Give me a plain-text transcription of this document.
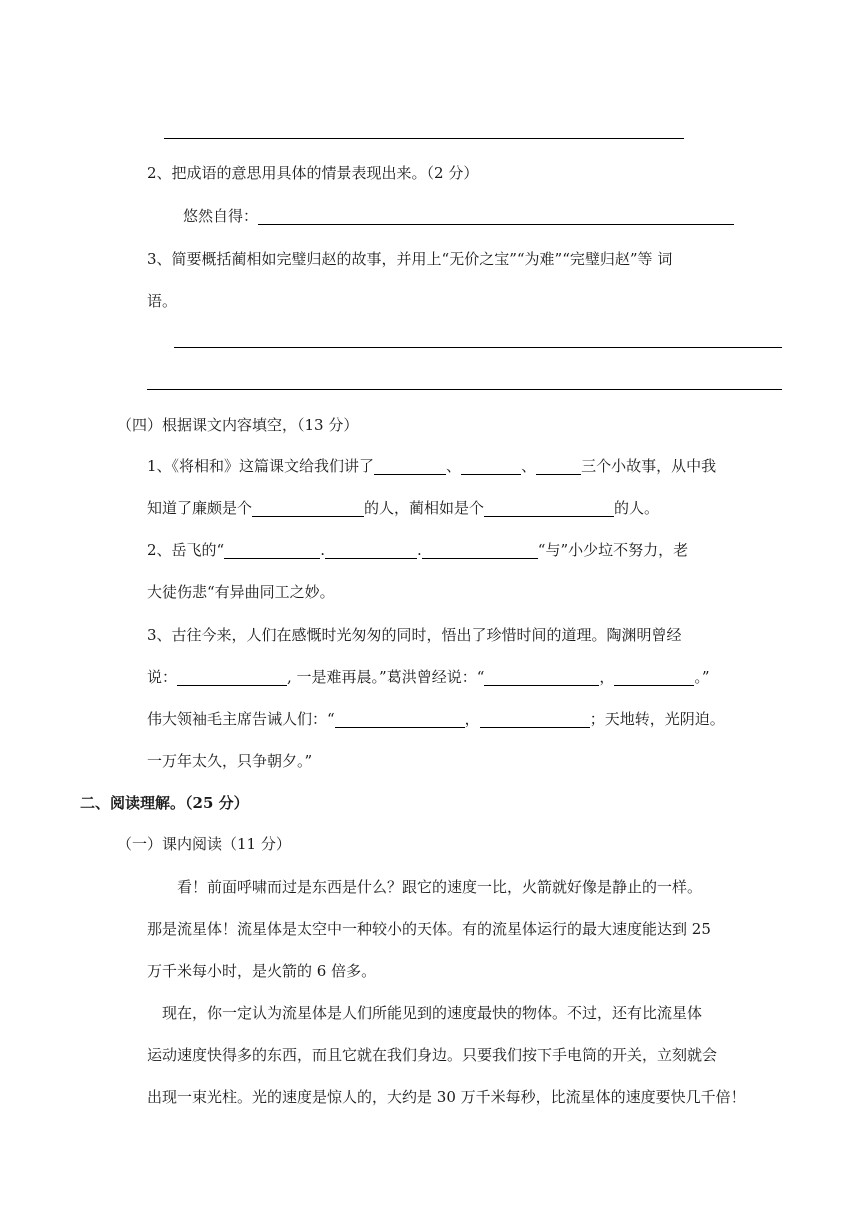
2、把成语的意思用具体的情景表现出来。（2 分）
悠然自得：
3、简要概括蔺相如完璧归赵的故事，并用上“无价之宝”“为难”“完璧归赵”等 词
语。
（四）根据课文内容填空，（13 分）
1、《将相和》这篇课文给我们讲了	、	、	三个小故事，从中我
知道了廉颇是个	的人，蔺相如是个	的人。
2、岳飞的“	.	.	“与”小少垃不努力，老
大徒伤悲“有异曲同工之妙。
3、古往今来，人们在感慨时光匆匆的同时，悟出了珍惜时间的道理。陶渊明曾经
说：	, 一是难再晨。”葛洪曾经说：“	，	。”
伟大领袖毛主席告诫人们：“	，	；天地转，光阴迫。
一万年太久，只争朝夕。”
二、阅读理解。（25 分）
（一）课内阅读（11 分）
看！前面呼啸而过是东西是什么？跟它的速度一比，火箭就好像是静止的一样。
那是流星体！流星体是太空中一种较小的天体。有的流星体运行的最大速度能达到 25
万千米每小时，是火箭的 6 倍多。
现在，你一定认为流星体是人们所能见到的速度最快的物体。不过，还有比流星体
运动速度快得多的东西，而且它就在我们身边。只要我们按下手电筒的开关，立刻就会
出现一束光柱。光的速度是惊人的，大约是 30 万千米每秒，比流星体的速度要快几千倍！
